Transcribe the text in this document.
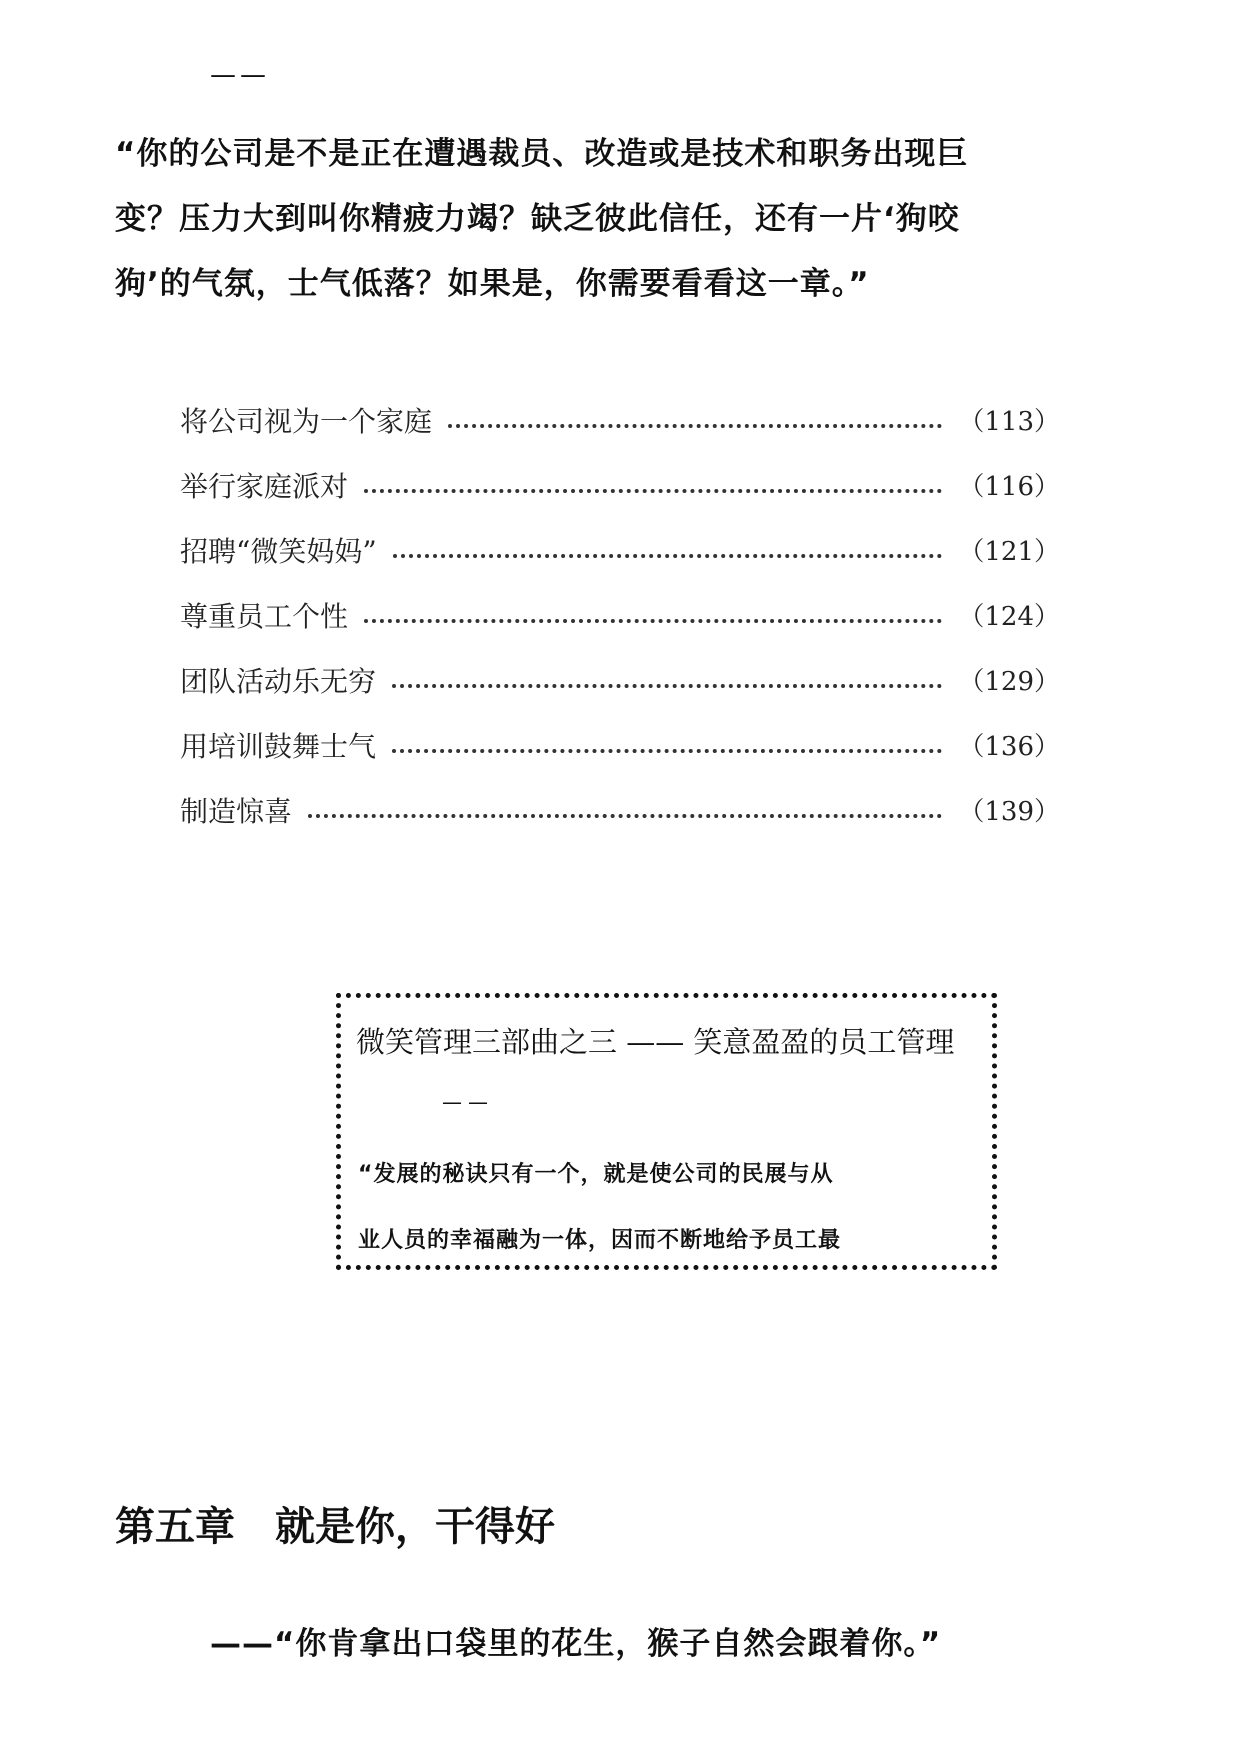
——
“你的公司是不是正在遭遇裁员、改造或是技术和职务出现巨
变？压力大到叫你精疲力竭？缺乏彼此信任，还有一片‘狗咬
狗’的气氛，士气低落？如果是，你需要看看这一章。”
将公司视为一个家庭	（113）
举行家庭派对	（116）
招聘“微笑妈妈”	（121）
尊重员工个性	（124）
团队活动乐无穷	（129）
用培训鼓舞士气	（136）
制造惊喜	（139）
微笑管理三部曲之三 —— 笑意盈盈的员工管理
——
“发展的秘诀只有一个，就是使公司的民展与从
业人员的幸福融为一体，因而不断地给予员工最
第五章　就是你，干得好
——“你肯拿出口袋里的花生，猴子自然会跟着你。”
